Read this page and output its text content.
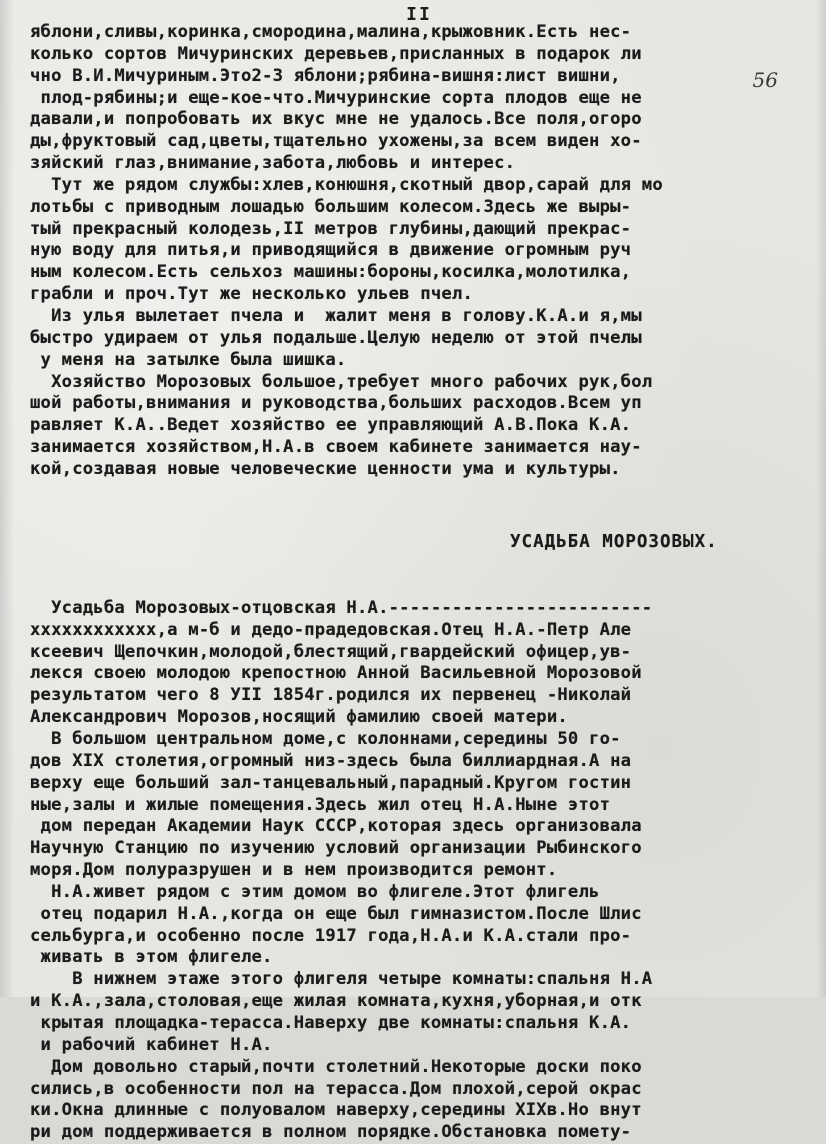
II
56
яблони,сливы,коринка,смородина,малина,крыжовник.Есть нес-
колько сортов Мичуринских деревьев,присланных в подарок ли
чно В.И.Мичуриным.Это2-3 яблони;рябина-вишня:лист вишни,
плод-рябины;и еще-кое-что.Мичуринские сорта плодов еще не
давали,и попробовать их вкус мне не удалось.Все поля,огоро
ды,фруктовый сад,цветы,тщательно ухожены,за всем виден хо-
зяйский глаз,внимание,забота,любовь и интерес.
Тут же рядом службы:хлев,конюшня,скотный двор,сарай для мо
лотьбы с приводным лошадью большим колесом.Здесь же выры-
тый прекрасный колодезь,II метров глубины,дающий прекрас-
ную воду для питья,и приводящийся в движение огромным руч
ным колесом.Есть сельхоз машины:бороны,косилка,молотилка,
грабли и проч.Тут же несколько ульев пчел.
Из улья вылетает пчела и  жалит меня в голову.К.А.и я,мы
быстро удираем от улья подальше.Целую неделю от этой пчелы
у меня на затылке была шишка.
Хозяйство Морозовых большое,требует много рабочих рук,бол
шой работы,внимания и руководства,больших расходов.Всем уп
равляет К.А..Ведет хозяйство ее управляющий А.В.Пока К.А.
занимается хозяйством,Н.А.в своем кабинете занимается нау-
кой,создавая новые человеческие ценности ума и культуры.

УСАДЬБА МОРОЗОВЫХ.

Усадьба Морозовых-отцовская Н.А.-------------------------
xxxxxxxxxxxx,а м-б и дедо-прадедовская.Отец Н.А.-Петр Але
ксеевич Щепочкин,молодой,блестящий,гвардейский офицер,ув-
лекся своею молодою крепостною Анной Васильевной Морозовой
результатом чего 8 УII 1854г.родился их первенец -Николай
Александрович Морозов,носящий фамилию своей матери.
В большом центральном доме,с колоннами,середины 50 го-
дов XIX столетия,огромный низ-здесь была биллиардная.А на
верху еще больший зал-танцевальный,парадный.Кругом гостин
ные,залы и жилые помещения.Здесь жил отец Н.А.Ныне этот
дом передан Академии Наук СССР,которая здесь организовала
Научную Станцию по изучению условий организации Рыбинского
моря.Дом полуразрушен и в нем производится ремонт.
Н.А.живет рядом с этим домом во флигеле.Этот флигель
отец подарил Н.А.,когда он еще был гимназистом.После Шлис
сельбурга,и особенно после 1917 года,Н.А.и К.А.стали про-
живать в этом флигеле.
В нижнем этаже этого флигеля четыре комнаты:спальня Н.А
и К.А.,зала,столовая,еще жилая комната,кухня,уборная,и отк
крытая площадка-терасса.Наверху две комнаты:спальня К.А.
и рабочий кабинет Н.А.
Дом довольно старый,почти столетний.Некоторые доски поко
сились,в особенности пол на терасса.Дом плохой,серой окрас
ки.Окна длинные с полуовалом наверху,середины XIXв.Но внут
ри дом поддерживается в полном порядке.Обстановка помету-
